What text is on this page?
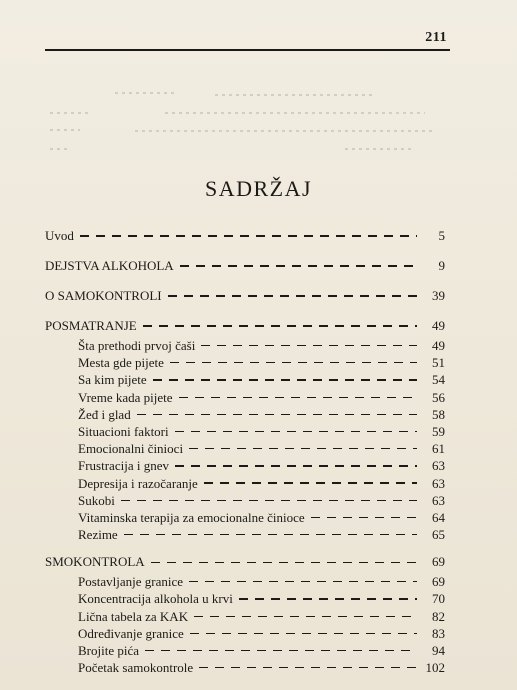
211
SADRŽAJ
Uvod	5
DEJSTVA ALKOHOLA	9
O SAMOKONTROLI	39
POSMATRANJE	49
Šta prethodi prvoj čaši	49
Mesta gde pijete	51
Sa kim pijete	54
Vreme kada pijete	56
Žeđ i glad	58
Situacioni faktori	59
Emocionalni činioci	61
Frustracija i gnev	63
Depresija i razočaranje	63
Sukobi	63
Vitaminska terapija za emocionalne činioce	64
Rezime	65
SMOKONTROLA	69
Postavljanje granice	69
Koncentracija alkohola u krvi	70
Lična tabela za KAK	82
Određivanje granice	83
Brojite pića	94
Početak samokontrole	102
